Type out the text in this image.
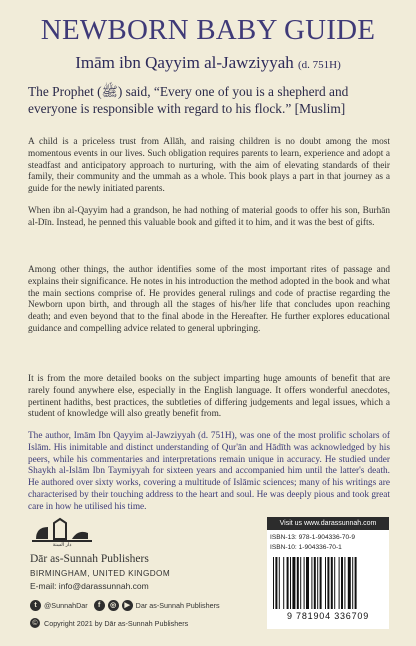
NEWBORN BABY GUIDE
Imām ibn Qayyim al-Jawziyyah (d. 751H)
The Prophet (ﷺ) said, “Every one of you is a shepherd and everyone is responsible with regard to his flock.” [Muslim]
A child is a priceless trust from Allāh, and raising children is no doubt among the most momentous events in our lives. Such obligation requires parents to learn, experience and adopt a steadfast and anticipatory approach to nurturing, with the aim of elevating standards of their family, their community and the ummah as a whole. This book plays a part in that journey as a guide for the newly initiated parents.
When ibn al-Qayyim had a grandson, he had nothing of material goods to offer his son, Burhān al-Dīn. Instead, he penned this valuable book and gifted it to him, and it was the best of gifts.
Among other things, the author identifies some of the most important rites of passage and explains their significance. He notes in his introduction the method adopted in the book and what the main sections comprise of. He provides general rulings and code of practise regarding the Newborn upon birth, and through all the stages of his/her life that concludes upon reaching death; and even beyond that to the final abode in the Hereafter. He further explores educational guidance and compelling advice related to general upbringing.
It is from the more detailed books on the subject imparting huge amounts of benefit that are rarely found anywhere else, especially in the English language. It offers wonderful anecdotes, pertinent hadiths, best practices, the subtleties of differing judgements and legal issues, which a student of knowledge will also greatly benefit from.
The author, Imām Ibn Qayyim al-Jawziyyah (d. 751H), was one of the most prolific scholars of Islām. His inimitable and distinct understanding of Qur'ān and Hādīth was acknowledged by his peers, while his commentaries and interpretations remain unique in accuracy. He studied under Shaykh al-Islām Ibn Taymiyyah for sixteen years and accompanied him until the latter's death. He authored over sixty works, covering a multitude of Islāmic sciences; many of his writings are characterised by their touching address to the heart and soul. He was deeply pious and took great care in how he utilised his time.
دار السنة
Dār as-Sunnah Publishers
BIRMINGHAM, UNITED KINGDOM
E-mail: info@darassunnah.com
t	@SunnahDar	f	◎	▶ Dar as-Sunnah Publishers
© Copyright 2021 by Dār as-Sunnah Publishers
Visit us www.darassunnah.com
ISBN-13: 978-1-904336-70-9
ISBN-10: 1-904336-70-1
9 781904 336709
